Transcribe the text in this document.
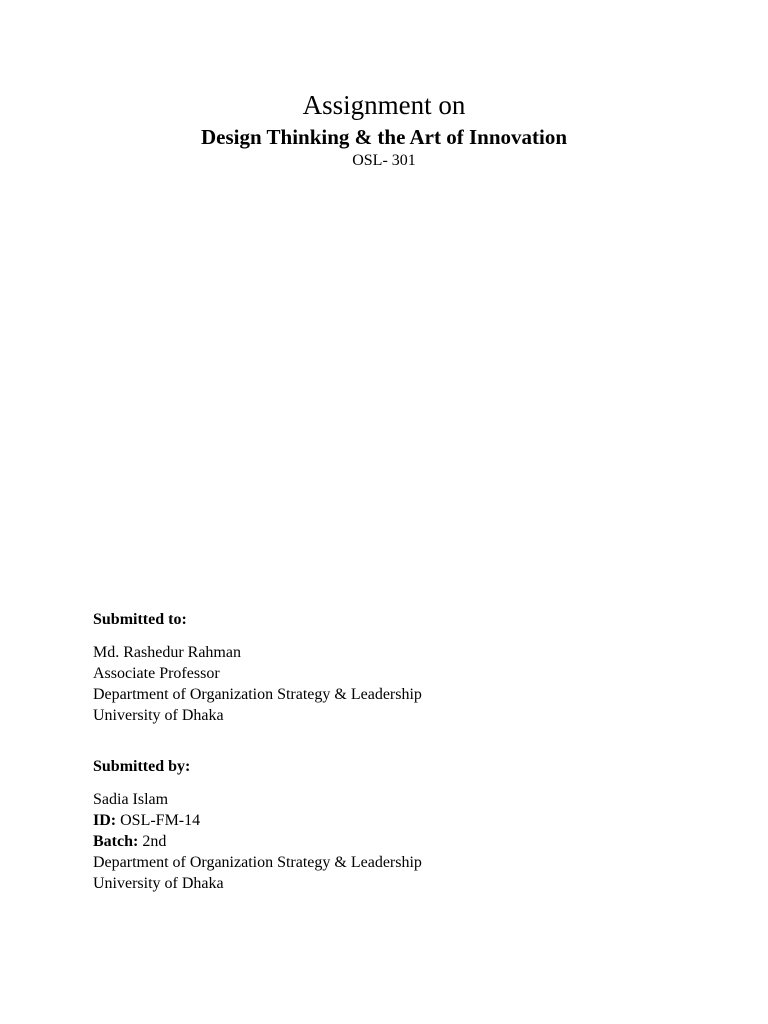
Assignment on
Design Thinking & the Art of Innovation
OSL- 301
Submitted to:
Md. Rashedur Rahman
Associate Professor
Department of Organization Strategy & Leadership
University of Dhaka
Submitted by:
Sadia Islam
ID: OSL-FM-14
Batch: 2nd
Department of Organization Strategy & Leadership
University of Dhaka
